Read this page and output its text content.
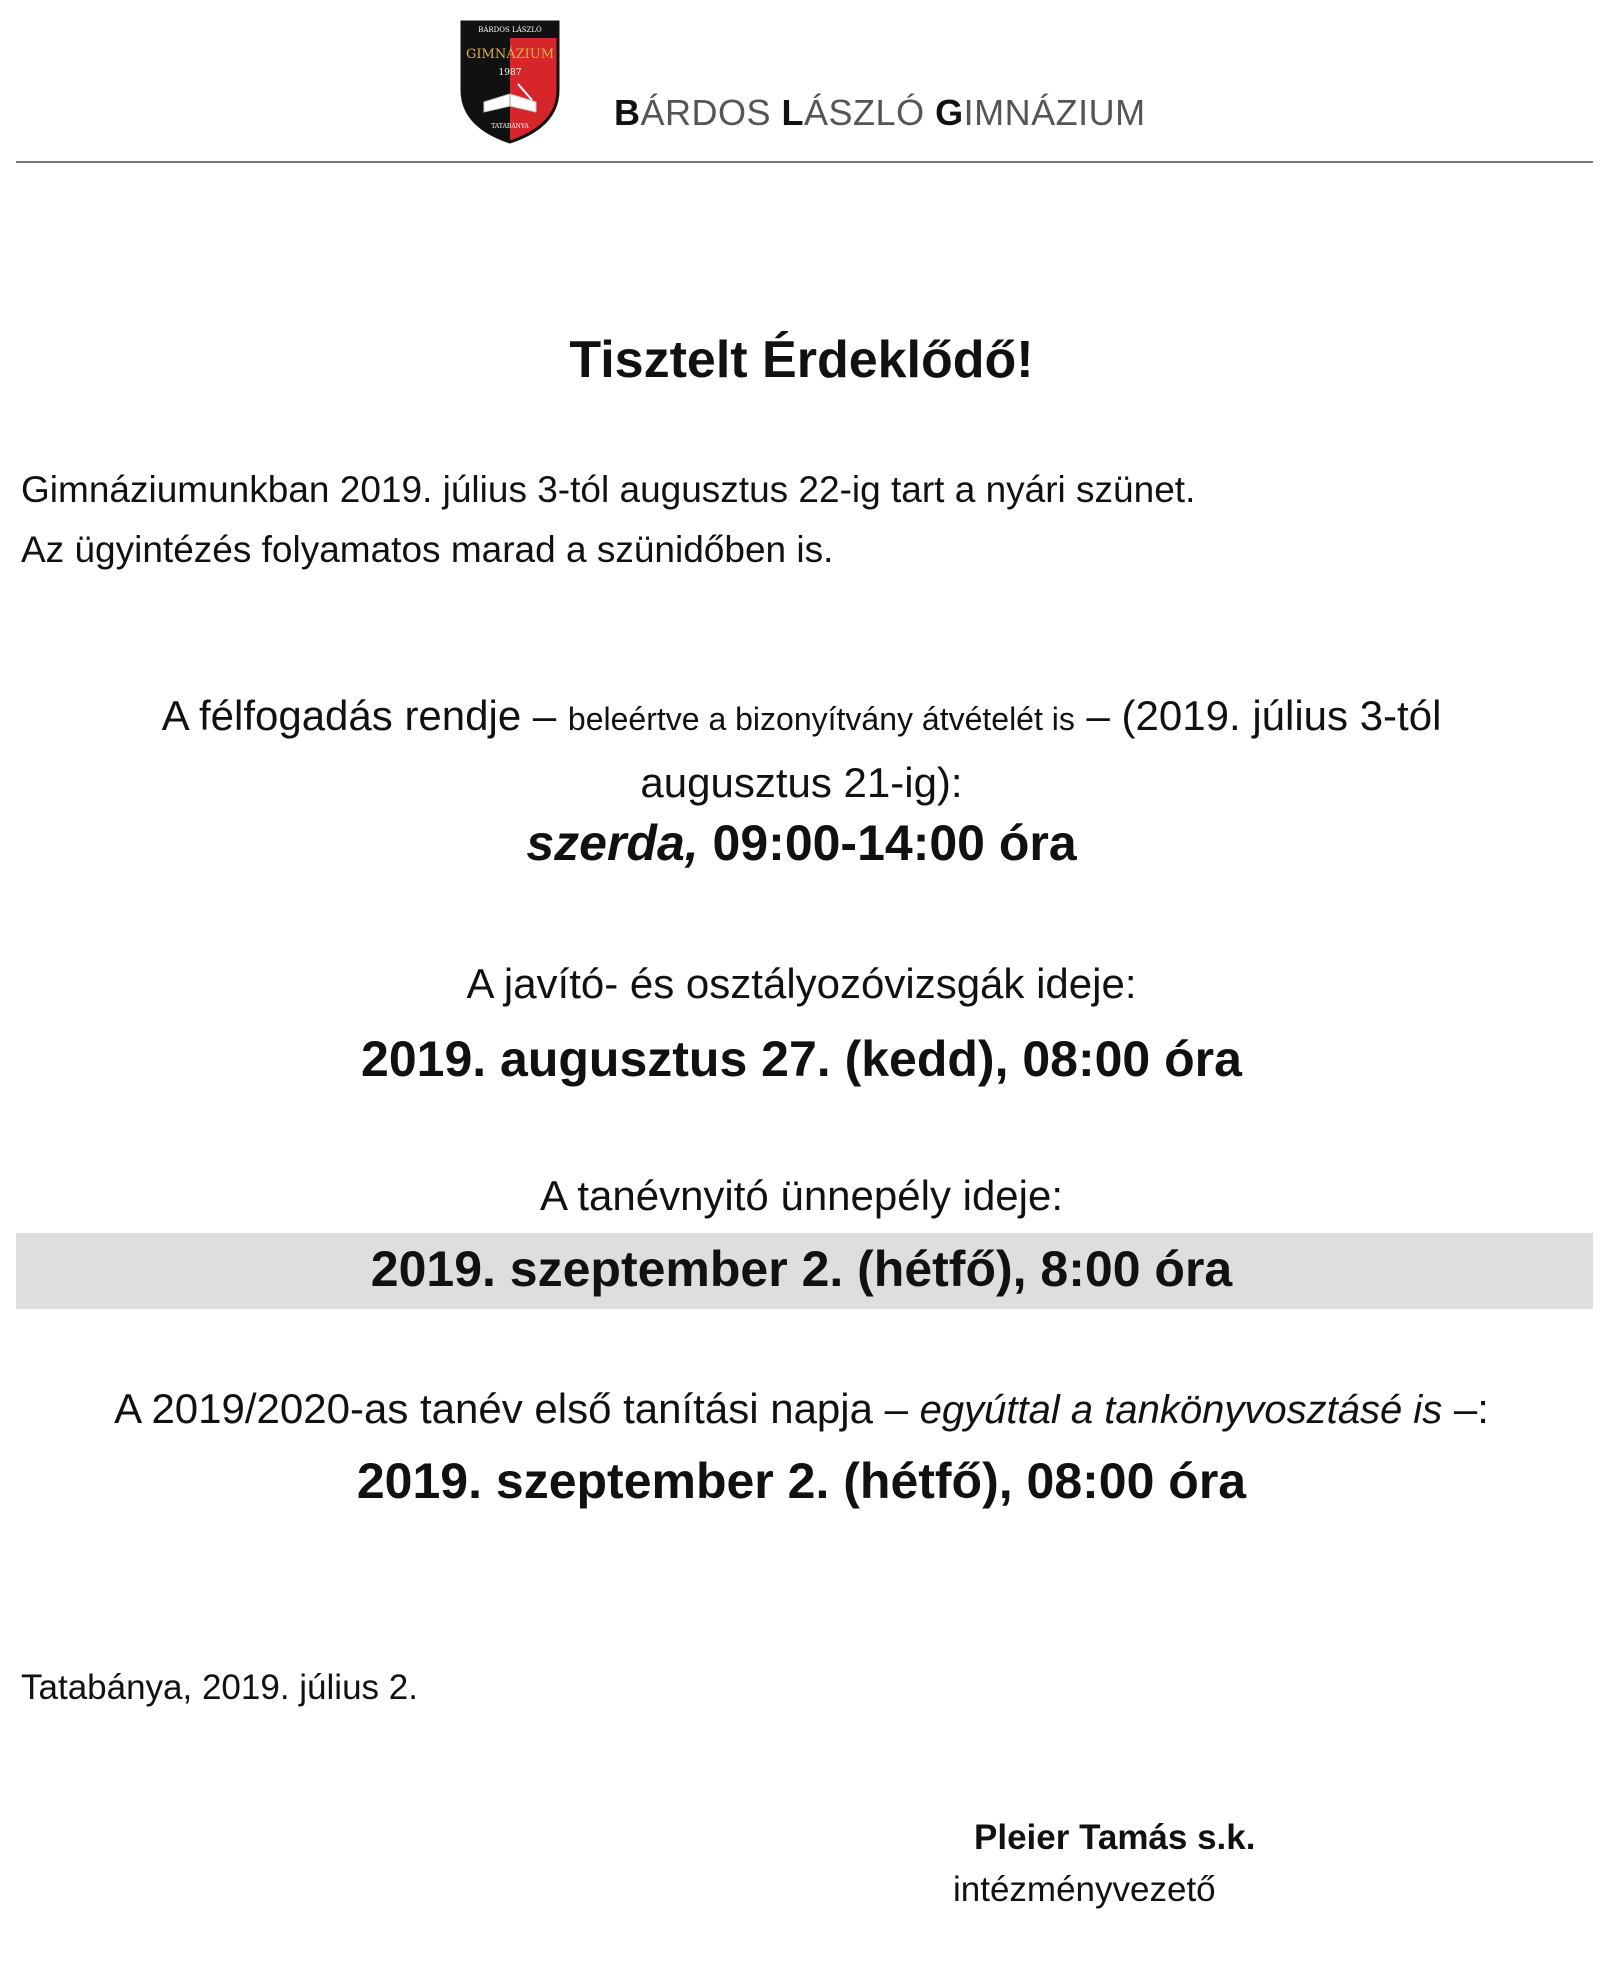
BÁRDOS LÁSZLÓ
GIMNÁZIUM
1987
TATABÁNYA BÁRDOS LÁSZLÓ GIMNÁZIUM
Tisztelt Érdeklődő!
Gimnáziumunkban 2019. július 3-tól augusztus 22-ig tart a nyári szünet.
Az ügyintézés folyamatos marad a szünidőben is.
A félfogadás rendje – beleértve a bizonyítvány átvételét is – (2019. július 3-tól
augusztus 21-ig):
szerda, 09:00-14:00 óra
A javító- és osztályozóvizsgák ideje:
2019. augusztus 27. (kedd), 08:00 óra
A tanévnyitó ünnepély ideje:
2019. szeptember 2. (hétfő), 8:00 óra
A 2019/2020-as tanév első tanítási napja – egyúttal a tankönyvosztásé is –:
2019. szeptember 2. (hétfő), 08:00 óra
Tatabánya, 2019. július 2.
Pleier Tamás s.k.
intézményvezető
